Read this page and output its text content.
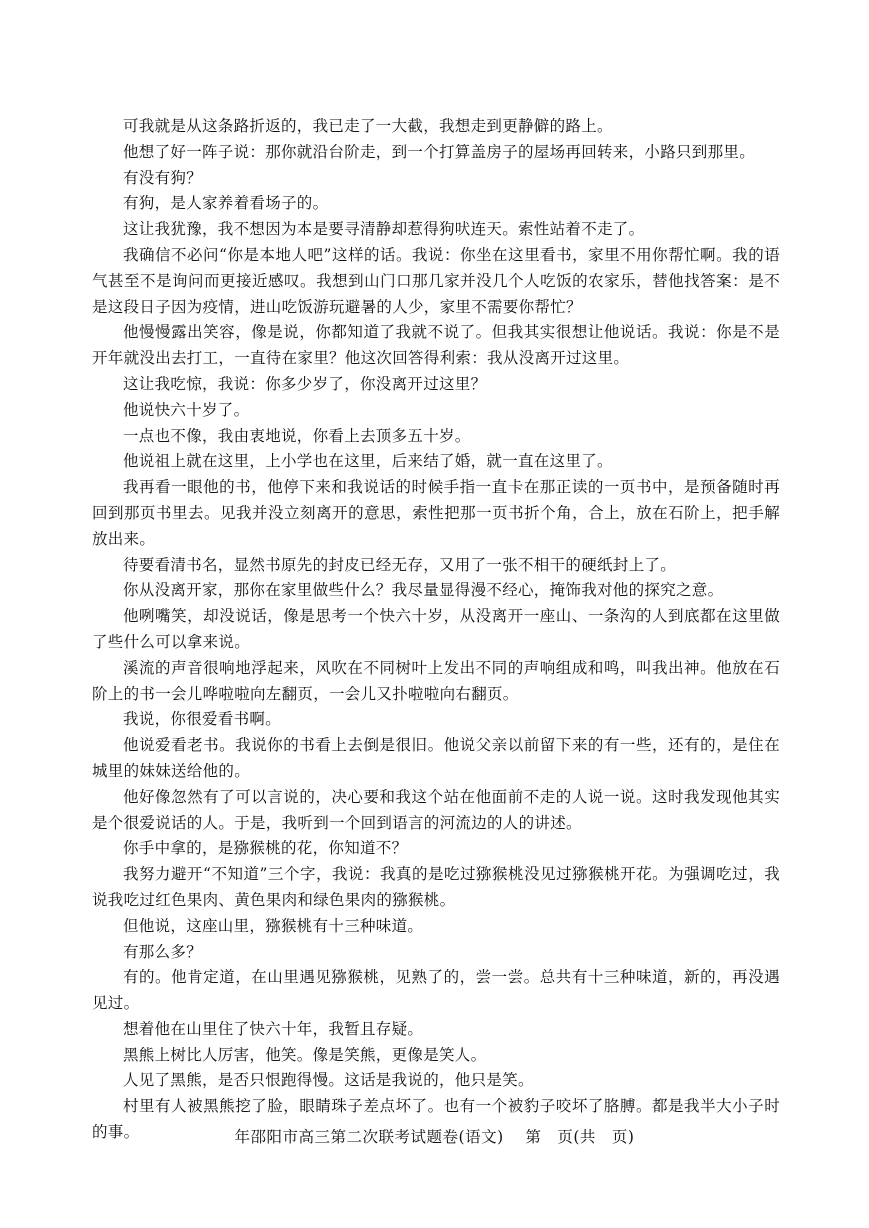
可我就是从这条路折返的，我已走了一大截，我想走到更静僻的路上。

他想了好一阵子说：那你就沿台阶走，到一个打算盖房子的屋场再回转来，小路只到那里。

有没有狗？

有狗，是人家养着看场子的。

这让我犹豫，我不想因为本是要寻清静却惹得狗吠连天。索性站着不走了。

我确信不必问“你是本地人吧”这样的话。我说：你坐在这里看书，家里不用你帮忙啊。我的语气甚至不是询问而更接近感叹。我想到山门口那几家并没几个人吃饭的农家乐，替他找答案：是不是这段日子因为疫情，进山吃饭游玩避暑的人少，家里不需要你帮忙？

他慢慢露出笑容，像是说，你都知道了我就不说了。但我其实很想让他说话。我说：你是不是开年就没出去打工，一直待在家里？他这次回答得利索：我从没离开过这里。

这让我吃惊，我说：你多少岁了，你没离开过这里？

他说快六十岁了。

一点也不像，我由衷地说，你看上去顶多五十岁。

他说祖上就在这里，上小学也在这里，后来结了婚，就一直在这里了。

我再看一眼他的书，他停下来和我说话的时候手指一直卡在那正读的一页书中，是预备随时再回到那页书里去。见我并没立刻离开的意思，索性把那一页书折个角，合上，放在石阶上，把手解放出来。

待要看清书名，显然书原先的封皮已经无存，又用了一张不相干的硬纸封上了。

你从没离开家，那你在家里做些什么？我尽量显得漫不经心，掩饰我对他的探究之意。

他咧嘴笑，却没说话，像是思考一个快六十岁，从没离开一座山、一条沟的人到底都在这里做了些什么可以拿来说。

溪流的声音很响地浮起来，风吹在不同树叶上发出不同的声响组成和鸣，叫我出神。他放在石阶上的书一会儿哗啦啦向左翻页，一会儿又扑啦啦向右翻页。

我说，你很爱看书啊。

他说爱看老书。我说你的书看上去倒是很旧。他说父亲以前留下来的有一些，还有的，是住在城里的妹妹送给他的。

他好像忽然有了可以言说的，决心要和我这个站在他面前不走的人说一说。这时我发现他其实是个很爱说话的人。于是，我听到一个回到语言的河流边的人的讲述。

你手中拿的，是猕猴桃的花，你知道不？

我努力避开“不知道”三个字，我说：我真的是吃过猕猴桃没见过猕猴桃开花。为强调吃过，我说我吃过红色果肉、黄色果肉和绿色果肉的猕猴桃。

但他说，这座山里，猕猴桃有十三种味道。

有那么多？

有的。他肯定道，在山里遇见猕猴桃，见熟了的，尝一尝。总共有十三种味道，新的，再没遇见过。

想着他在山里住了快六十年，我暂且存疑。

黑熊上树比人厉害，他笑。像是笑熊，更像是笑人。

人见了黑熊，是否只恨跑得慢。这话是我说的，他只是笑。

村里有人被黑熊挖了脸，眼睛珠子差点坏了。也有一个被豹子咬坏了胳膊。都是我半大小子时的事。	年邵阳市高三第二次联考试题卷(语文) 第　页(共　页)
